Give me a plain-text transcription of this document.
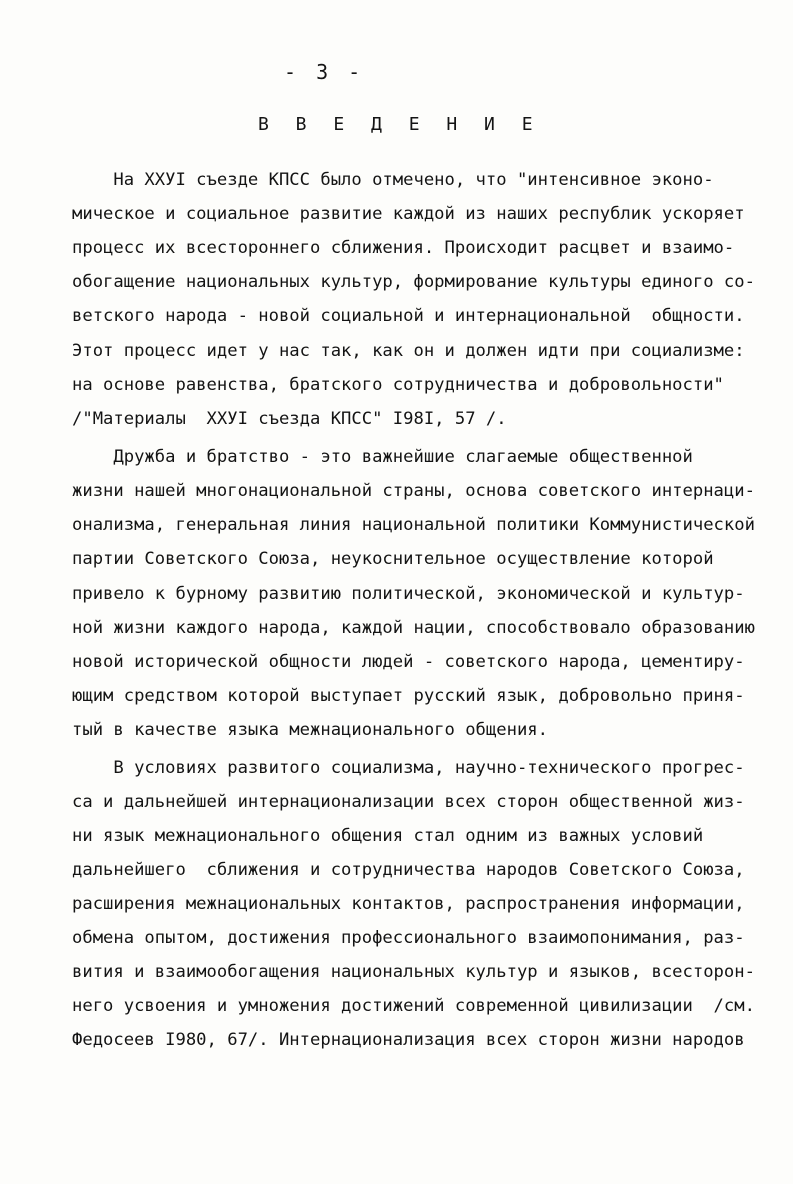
- 3 -
В В Е Д Е Н И Е
На XXУI съезде КПСС было отмечено, что "интенсивное эконо-
мическое и социальное развитие каждой из наших республик ускоряет
процесс их всестороннего сближения. Происходит расцвет и взаимо-
обогащение национальных культур, формирование культуры единого со-
ветского народа - новой социальной и интернациональной  общности.
Этот процесс идет у нас так, как он и должен идти при социализме:
на основе равенства, братского сотрудничества и добровольности"
/"Материалы  XXУI съезда КПСС" I98I, 57 /.
Дружба и братство - это важнейшие слагаемые общественной
жизни нашей многонациональной страны, основа советского интернаци-
онализма, генеральная линия национальной политики Коммунистической
партии Советского Союза, неукоснительное осуществление которой
привело к бурному развитию политической, экономической и культур-
ной жизни каждого народа, каждой нации, способствовало образованию
новой исторической общности людей - советского народа, цементиру-
ющим средством которой выступает русский язык, добровольно приня-
тый в качестве языка межнационального общения.
В условиях развитого социализма, научно-технического прогрес-
са и дальнейшей интернационализации всех сторон общественной жиз-
ни язык межнационального общения стал одним из важных условий
дальнейшего  сближения и сотрудничества народов Советского Союза,
расширения межнациональных контактов, распространения информации,
обмена опытом, достижения профессионального взаимопонимания, раз-
вития и взаимообогащения национальных культур и языков, всесторон-
него усвоения и умножения достижений современной цивилизации  /см.
Федосеев I980, 67/. Интернационализация всех сторон жизни народов
